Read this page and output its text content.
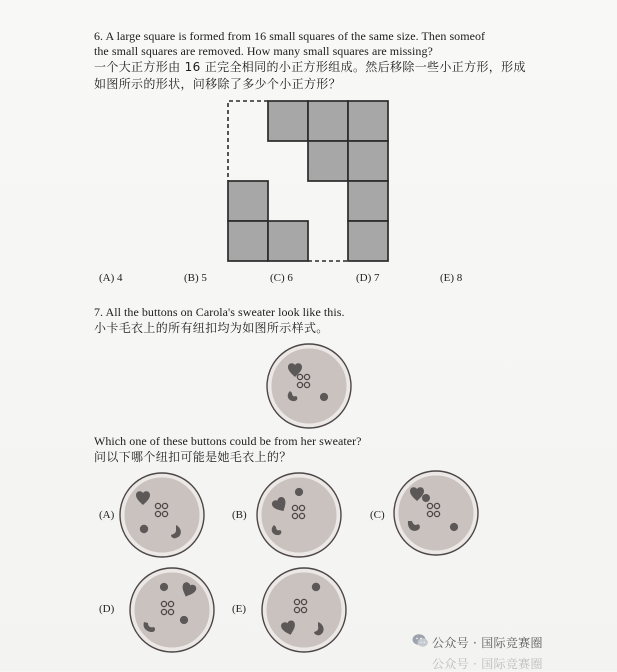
6. A large square is formed from 16 small squares of the same size. Then someof
the small squares are removed. How many small squares are missing?
一个大正方形由 16 正完全相同的小正方形组成。然后移除一些小正方形，形成
如图所示的形状，问移除了多少个小正方形？
(A) 4	(B) 5	(C) 6	(D) 7	(E) 8
7. All the buttons on Carola's sweater look like this.
小卡毛衣上的所有纽扣均为如图所示样式。
Which one of these buttons could be from her sweater?
问以下哪个纽扣可能是她毛衣上的？
(A)	(B)	(C)
(D)	(E)
公众号 · 国际竞赛圈
公众号 · 国际竞赛圈
